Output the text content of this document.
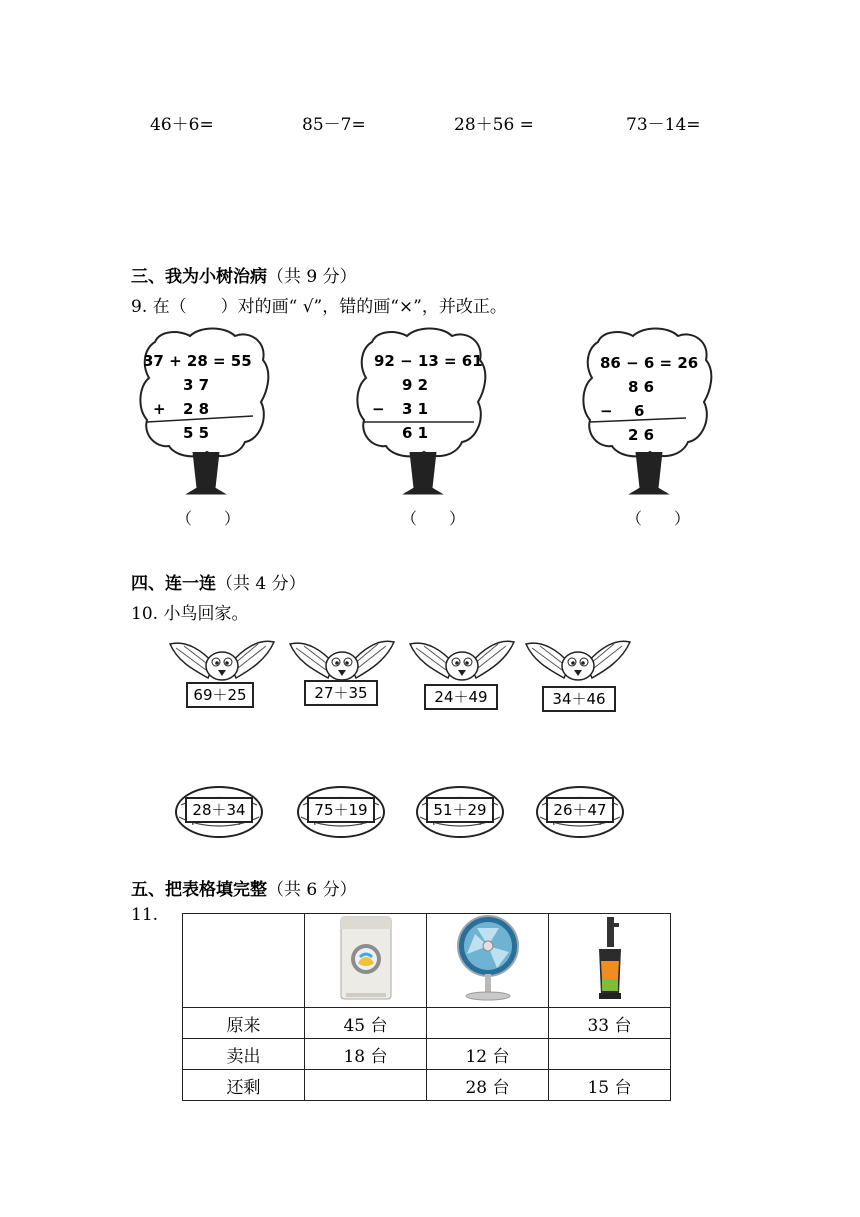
46＋6=	85－7=	28＋56 =	73－14=
三、我为小树治病（共 9 分）
9. 在（　　）对的画“ √”，错的画“×”，并改正。
37 + 28 = 55
3 7
+ 2 8
5 5
（　　）
92 − 13 = 61
9 2
− 3 1
6 1
（　　）
86 − 6 = 26
8 6
− 6
2 6
（　　）
四、连一连（共 4 分）
10. 小鸟回家。
69＋25	27＋35	24＋49	34＋46
28＋34	75＋19	51＋29	26＋47
五、把表格填完整（共 6 分）
11.

原来	45 台		33 台
卖出	18 台	12 台	
还剩		28 台	15 台
